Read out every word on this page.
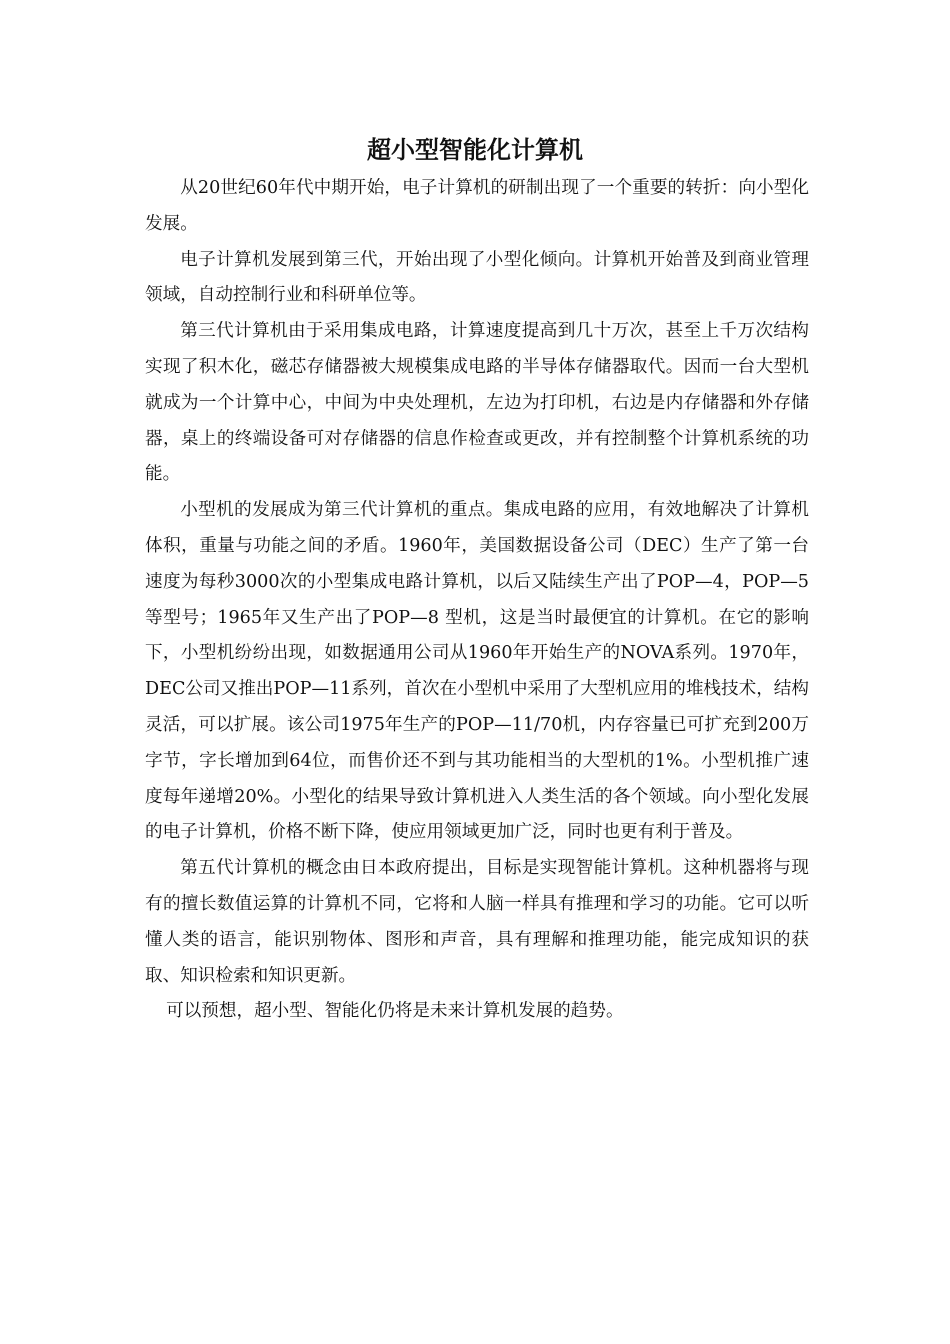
超小型智能化计算机

从20世纪60年代中期开始，电子计算机的研制出现了一个重要的转折：向小型化发展。

电子计算机发展到第三代，开始出现了小型化倾向。计算机开始普及到商业管理领域，自动控制行业和科研单位等。

第三代计算机由于采用集成电路，计算速度提高到几十万次，甚至上千万次结构实现了积木化，磁芯存储器被大规模集成电路的半导体存储器取代。因而一台大型机就成为一个计算中心，中间为中央处理机，左边为打印机，右边是内存储器和外存储器，桌上的终端设备可对存储器的信息作检查或更改，并有控制整个计算机系统的功能。

小型机的发展成为第三代计算机的重点。集成电路的应用，有效地解决了计算机体积，重量与功能之间的矛盾。1960年，美国数据设备公司（DEC）生产了第一台速度为每秒3000次的小型集成电路计算机，以后又陆续生产出了POP—4，POP—5等型号；1965年又生产出了POP—8 型机，这是当时最便宜的计算机。在它的影响下，小型机纷纷出现，如数据通用公司从1960年开始生产的NOVA系列。1970年，DEC公司又推出POP—11系列，首次在小型机中采用了大型机应用的堆栈技术，结构灵活，可以扩展。该公司1975年生产的POP—11/70机，内存容量已可扩充到200万字节，字长增加到64位，而售价还不到与其功能相当的大型机的1%。小型机推广速度每年递增20%。小型化的结果导致计算机进入人类生活的各个领域。向小型化发展的电子计算机，价格不断下降，使应用领域更加广泛，同时也更有利于普及。

第五代计算机的概念由日本政府提出，目标是实现智能计算机。这种机器将与现有的擅长数值运算的计算机不同，它将和人脑一样具有推理和学习的功能。它可以听懂人类的语言，能识别物体、图形和声音，具有理解和推理功能，能完成知识的获取、知识检索和知识更新。

可以预想，超小型、智能化仍将是未来计算机发展的趋势。
